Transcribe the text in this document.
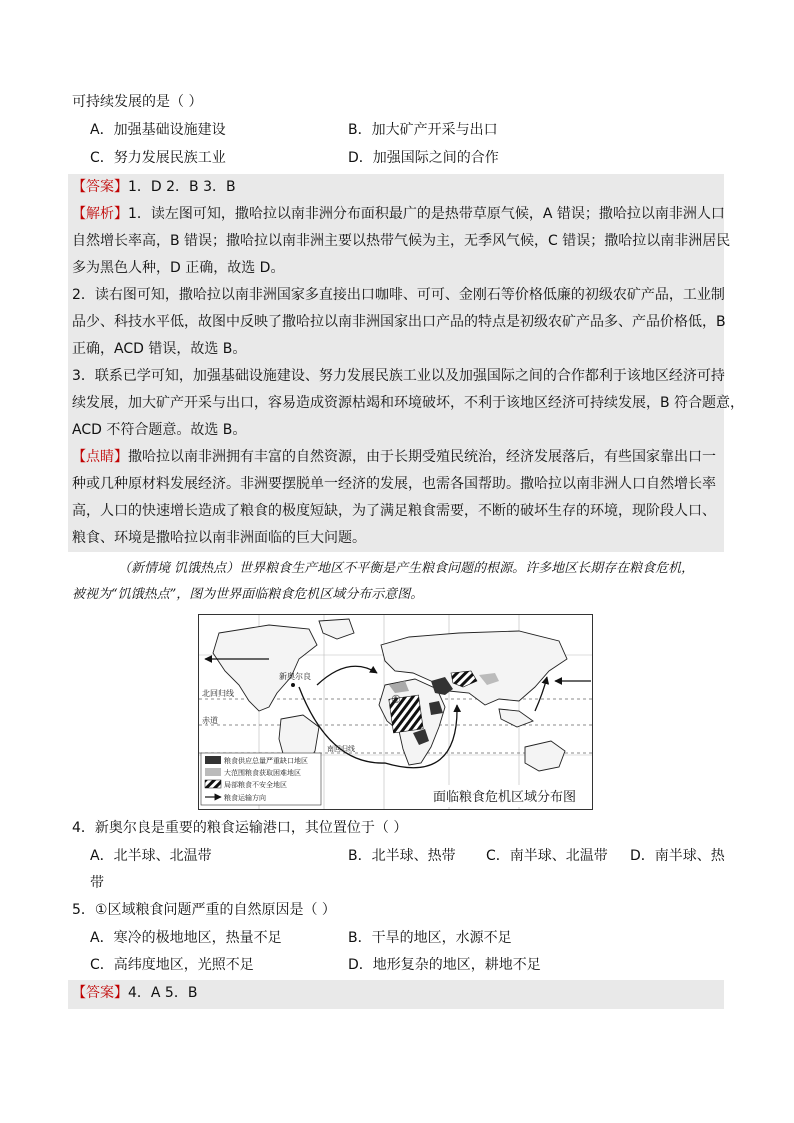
可持续发展的是（ ）
A．加强基础设施建设	B．加大矿产开采与出口
C．努力发展民族工业	D．加强国际之间的合作
【答案】1．D 2．B 3．B
【解析】1．读左图可知，撒哈拉以南非洲分布面积最广的是热带草原气候，A 错误；撒哈拉以南非洲人口
自然增长率高，B 错误；撒哈拉以南非洲主要以热带气候为主，无季风气候，C 错误；撒哈拉以南非洲居民
多为黑色人种，D 正确，故选 D。
2．读右图可知，撒哈拉以南非洲国家多直接出口咖啡、可可、金刚石等价格低廉的初级农矿产品，工业制
品少、科技水平低，故图中反映了撒哈拉以南非洲国家出口产品的特点是初级农矿产品多、产品价格低，B
正确，ACD 错误，故选 B。
3．联系已学可知，加强基础设施建设、努力发展民族工业以及加强国际之间的合作都利于该地区经济可持
续发展，加大矿产开采与出口，容易造成资源枯竭和环境破坏，不利于该地区经济可持续发展，B 符合题意，
ACD 不符合题意。故选 B。
【点睛】撒哈拉以南非洲拥有丰富的自然资源，由于长期受殖民统治，经济发展落后，有些国家靠出口一
种或几种原材料发展经济。非洲要摆脱单一经济的发展，也需各国帮助。撒哈拉以南非洲人口自然增长率
高，人口的快速增长造成了粮食的极度短缺，为了满足粮食需要，不断的破坏生存的环境，现阶段人口、
粮食、环境是撒哈拉以南非洲面临的巨大问题。
（新情境 饥饿热点）世界粮食生产地区不平衡是产生粮食问题的根源。许多地区长期存在粮食危机，
被视为“饥饿热点”，图为世界面临粮食危机区域分布示意图。
新奥尔良
北回归线
赤道
南回归线
①
粮食供应总量严重缺口地区
大范围粮食获取困难地区
局部粮食不安全地区
粮食运输方向	面临粮食危机区域分布图
4．新奥尔良是重要的粮食运输港口，其位置位于（ ）
A．北半球、北温带	B．北半球、热带 C．南半球、北温带 D．南半球、热
带
5．①区域粮食问题严重的自然原因是（ ）
A．寒冷的极地地区，热量不足	B．干旱的地区，水源不足
C．高纬度地区，光照不足	D．地形复杂的地区，耕地不足
【答案】4．A 5．B
